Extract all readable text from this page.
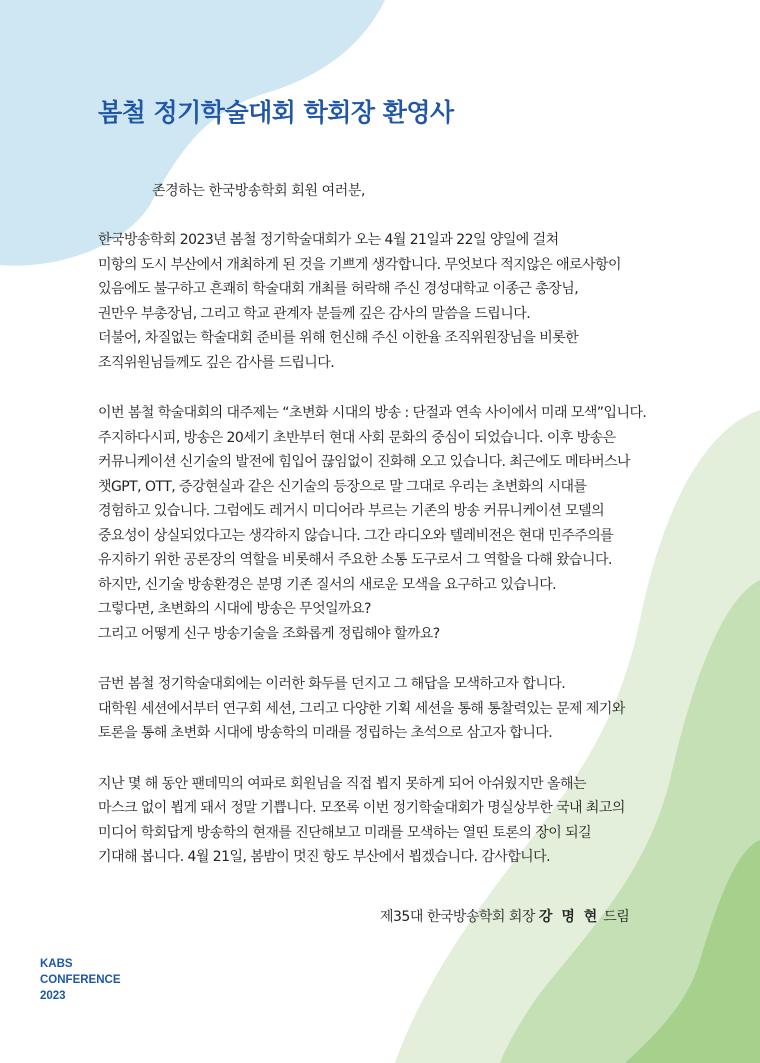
봄철 정기학술대회 학회장 환영사

존경하는 한국방송학회 회원 여러분,

한국방송학회 2023년 봄철 정기학술대회가 오는 4월 21일과 22일 양일에 걸쳐
미항의 도시 부산에서 개최하게 된 것을 기쁘게 생각합니다. 무엇보다 적지않은 애로사항이
있음에도 불구하고 흔쾌히 학술대회 개최를 허락해 주신 경성대학교 이종근 총장님,
권만우 부총장님, 그리고 학교 관계자 분들께 깊은 감사의 말씀을 드립니다.
더불어, 차질없는 학술대회 준비를 위해 헌신해 주신 이한율 조직위원장님을 비롯한
조직위원님들께도 깊은 감사를 드립니다.

이번 봄철 학술대회의 대주제는 “초변화 시대의 방송 : 단절과 연속 사이에서 미래 모색”입니다.
주지하다시피, 방송은 20세기 초반부터 현대 사회 문화의 중심이 되었습니다. 이후 방송은
커뮤니케이션 신기술의 발전에 힘입어 끊임없이 진화해 오고 있습니다. 최근에도 메타버스나
챗GPT, OTT, 증강현실과 같은 신기술의 등장으로 말 그대로 우리는 초변화의 시대를
경험하고 있습니다. 그럼에도 레거시 미디어라 부르는 기존의 방송 커뮤니케이션 모델의
중요성이 상실되었다고는 생각하지 않습니다. 그간 라디오와 텔레비전은 현대 민주주의를
유지하기 위한 공론장의 역할을 비롯해서 주요한 소통 도구로서 그 역할을 다해 왔습니다.
하지만, 신기술 방송환경은 분명 기존 질서의 새로운 모색을 요구하고 있습니다.
그렇다면, 초변화의 시대에 방송은 무엇일까요?
그리고 어떻게 신구 방송기술을 조화롭게 정립해야 할까요?

금번 봄철 정기학술대회에는 이러한 화두를 던지고 그 해답을 모색하고자 합니다.
대학원 세션에서부터 연구회 세션, 그리고 다양한 기획 세션을 통해 통찰력있는 문제 제기와
토론을 통해 초변화 시대에 방송학의 미래를 정립하는 초석으로 삼고자 합니다.

지난 몇 해 동안 팬데믹의 여파로 회원님을 직접 뵙지 못하게 되어 아쉬웠지만 올해는
마스크 없이 뵙게 돼서 정말 기쁩니다. 모쪼록 이번 정기학술대회가 명실상부한 국내 최고의
미디어 학회답게 방송학의 현재를 진단해보고 미래를 모색하는 열띤 토론의 장이 되길
기대해 봅니다. 4월 21일, 봄밤이 멋진 항도 부산에서 뵙겠습니다. 감사합니다.

제35대 한국방송학회 회장 강 명 현 드림
KABS
CONFERENCE
2023
